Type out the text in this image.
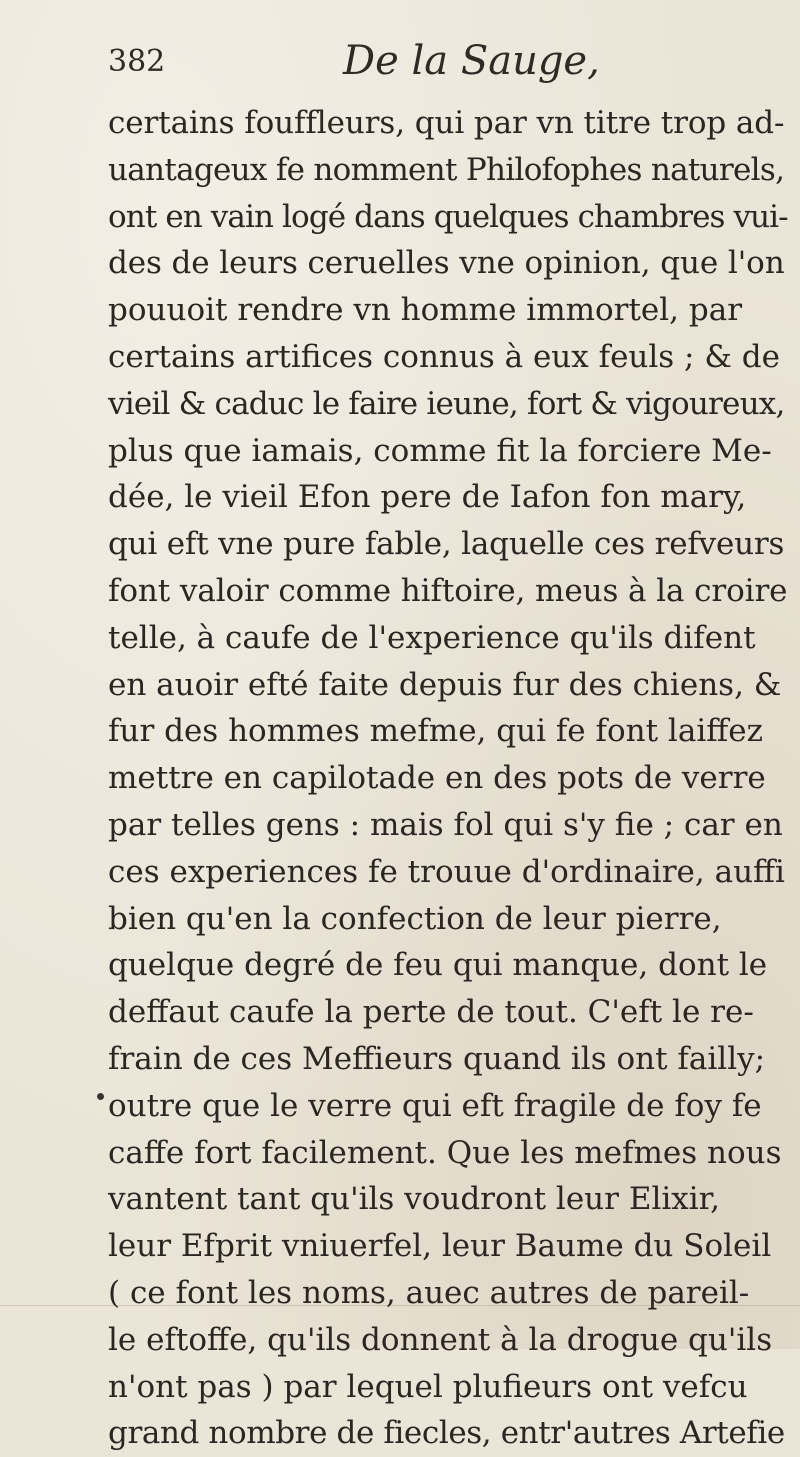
382	De la Sauge,
certains fouffleurs, qui par vn titre trop ad-
uantageux fe nomment Philofophes naturels,
ont en vain logé dans quelques chambres vui-
des de leurs ceruelles vne opinion, que l'on
pouuoit rendre vn homme immortel, par
certains artifices connus à eux feuls ; & de
vieil & caduc le faire ieune, fort & vigoureux,
plus que iamais, comme fit la forciere Me-
dée, le vieil Efon pere de Iafon fon mary,
qui eft vne pure fable, laquelle ces refveurs
font valoir comme hiftoire, meus à la croire
telle, à caufe de l'experience qu'ils difent
en auoir efté faite depuis fur des chiens, &
fur des hommes mefme, qui fe font laiffez
mettre en capilotade en des pots de verre
par telles gens : mais fol qui s'y fie ; car en
ces experiences fe trouue d'ordinaire, auffi
bien qu'en la confection de leur pierre,
quelque degré de feu qui manque, dont le
deffaut caufe la perte de tout. C'eft le re-
frain de ces Meffieurs quand ils ont failly;
outre que le verre qui eft fragile de foy fe
caffe fort facilement. Que les mefmes nous
vantent tant qu'ils voudront leur Elixir,
leur Efprit vniuerfel, leur Baume du Soleil
( ce font les noms, auec autres de pareil-
le eftoffe, qu'ils donnent à la drogue qu'ils
n'ont pas ) par lequel plufieurs ont vefcu
grand nombre de fiecles, entr'autres Artefie
